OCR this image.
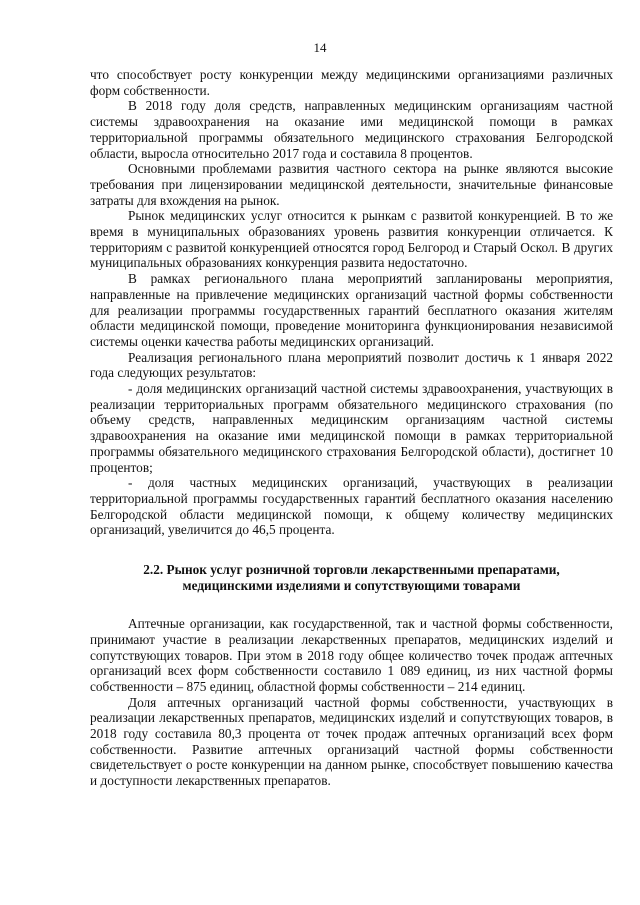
14

что способствует росту конкуренции между медицинскими организациями различных форм собственности.

В 2018 году доля средств, направленных медицинским организациям частной системы здравоохранения на оказание ими медицинской помощи в рамках территориальной программы обязательного медицинского страхования Белгородской области, выросла относительно 2017 года и составила 8 процентов.

Основными проблемами развития частного сектора на рынке являются высокие требования при лицензировании медицинской деятельности, значительные финансовые затраты для вхождения на рынок.

Рынок медицинских услуг относится к рынкам с развитой конкуренцией. В то же время в муниципальных образованиях уровень развития конкуренции отличается. К территориям с развитой конкуренцией относятся город Белгород и Старый Оскол. В других муниципальных образованиях конкуренция развита недостаточно.

В рамках регионального плана мероприятий запланированы мероприятия, направленные на привлечение медицинских организаций частной формы собственности для реализации программы государственных гарантий бесплатного оказания жителям области медицинской помощи, проведение мониторинга функционирования независимой системы оценки качества работы медицинских организаций.

Реализация регионального плана мероприятий позволит достичь к 1 января 2022 года следующих результатов:

- доля медицинских организаций частной системы здравоохранения, участвующих в реализации территориальных программ обязательного медицинского страхования (по объему средств, направленных медицинским организациям частной системы здравоохранения на оказание ими медицинской помощи в рамках территориальной программы обязательного медицинского страхования Белгородской области), достигнет 10 процентов;

- доля частных медицинских организаций, участвующих в реализации территориальной программы государственных гарантий бесплатного оказания населению Белгородской области медицинской помощи, к общему количеству медицинских организаций, увеличится до 46,5 процента.

2.2. Рынок услуг розничной торговли лекарственными препаратами, медицинскими изделиями и сопутствующими товарами

Аптечные организации, как государственной, так и частной формы собственности, принимают участие в реализации лекарственных препаратов, медицинских изделий и сопутствующих товаров. При этом в 2018 году общее количество точек продаж аптечных организаций всех форм собственности составило 1 089 единиц, из них частной формы собственности – 875 единиц, областной формы собственности – 214 единиц.

Доля аптечных организаций частной формы собственности, участвующих в реализации лекарственных препаратов, медицинских изделий и сопутствующих товаров, в 2018 году составила 80,3 процента от точек продаж аптечных организаций всех форм собственности. Развитие аптечных организаций частной формы собственности свидетельствует о росте конкуренции на данном рынке, способствует повышению качества и доступности лекарственных препаратов.
